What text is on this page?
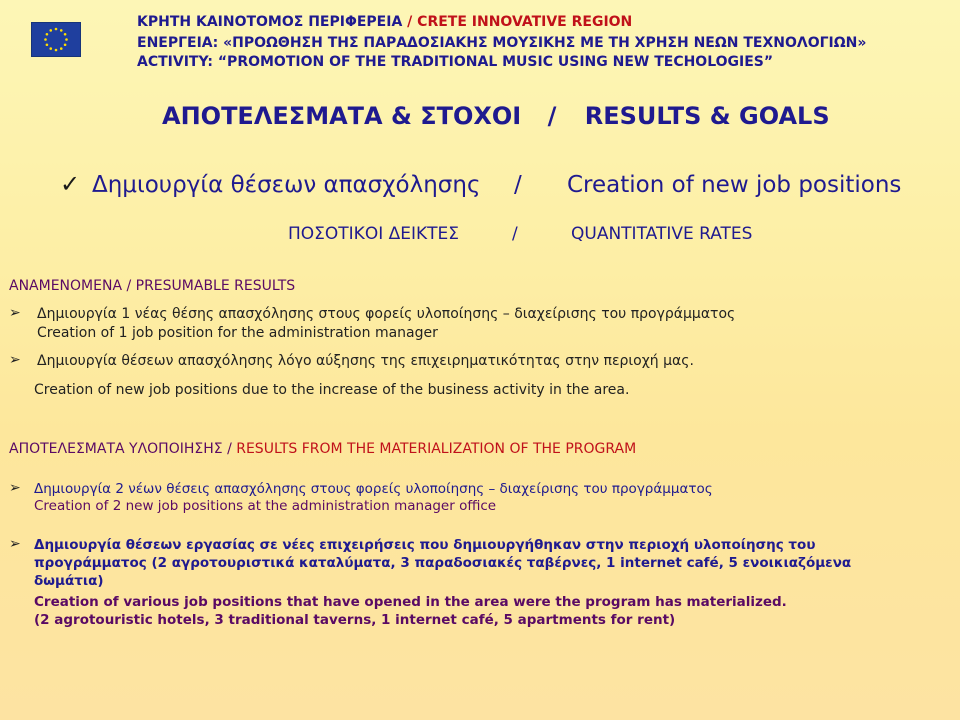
ΚΡΗΤΗ ΚΑΙΝΟΤΟΜΟΣ ΠΕΡΙΦΕΡΕΙΑ / CRETE INNOVATIVE REGION
ΕΝΕΡΓΕΙΑ: «ΠΡΟΩΘΗΣΗ ΤΗΣ ΠΑΡΑΔΟΣΙΑΚΗΣ ΜΟΥΣΙΚΗΣ ΜΕ ΤΗ ΧΡΗΣΗ ΝΕΩΝ ΤΕΧΝΟΛΟΓΙΩΝ»
ACTIVITY: “PROMOTION OF THE TRADITIONAL MUSIC USING NEW TECHOLOGIES”
ΑΠΟΤΕΛΕΣΜΑΤΑ & ΣΤΟΧΟΙ / RESULTS & GOALS
✓ Δημιουργία θέσεων απασχόλησης / Creation of new job positions
ΠΟΣΟΤΙΚΟΙ ΔΕΙΚΤΕΣ	/	QUANTITATIVE RATES
ΑΝΑΜΕΝΟΜΕΝΑ / PRESUMABLE RESULTS
➢ Δημιουργία 1 νέας θέσης απασχόλησης στους φορείς υλοποίησης – διαχείρισης του προγράμματος
Creation of 1 job position for the administration manager
➢ Δημιουργία θέσεων απασχόλησης λόγο αύξησης της επιχειρηματικότητας στην περιοχή μας.
Creation of new job positions due to the increase of the business activity in the area.
ΑΠΟΤΕΛΕΣΜΑΤΑ ΥΛΟΠΟΙΗΣΗΣ / RESULTS FROM THE MATERIALIZATION OF THE PROGRAM
➢ Δημιουργία 2 νέων θέσεις απασχόλησης στους φορείς υλοποίησης – διαχείρισης του προγράμματος
Creation of 2 new job positions at the administration manager office
➢ Δημιουργία θέσεων εργασίας σε νέες επιχειρήσεις που δημιουργήθηκαν στην περιοχή υλοποίησης του
προγράμματος (2 αγροτουριστικά καταλύματα, 3 παραδοσιακές ταβέρνες, 1 internet café, 5 ενοικιαζόμενα
δωμάτια)
Creation of various job positions that have opened in the area were the program has materialized.
(2 agrotouristic hotels, 3 traditional taverns, 1 internet café, 5 apartments for rent)
